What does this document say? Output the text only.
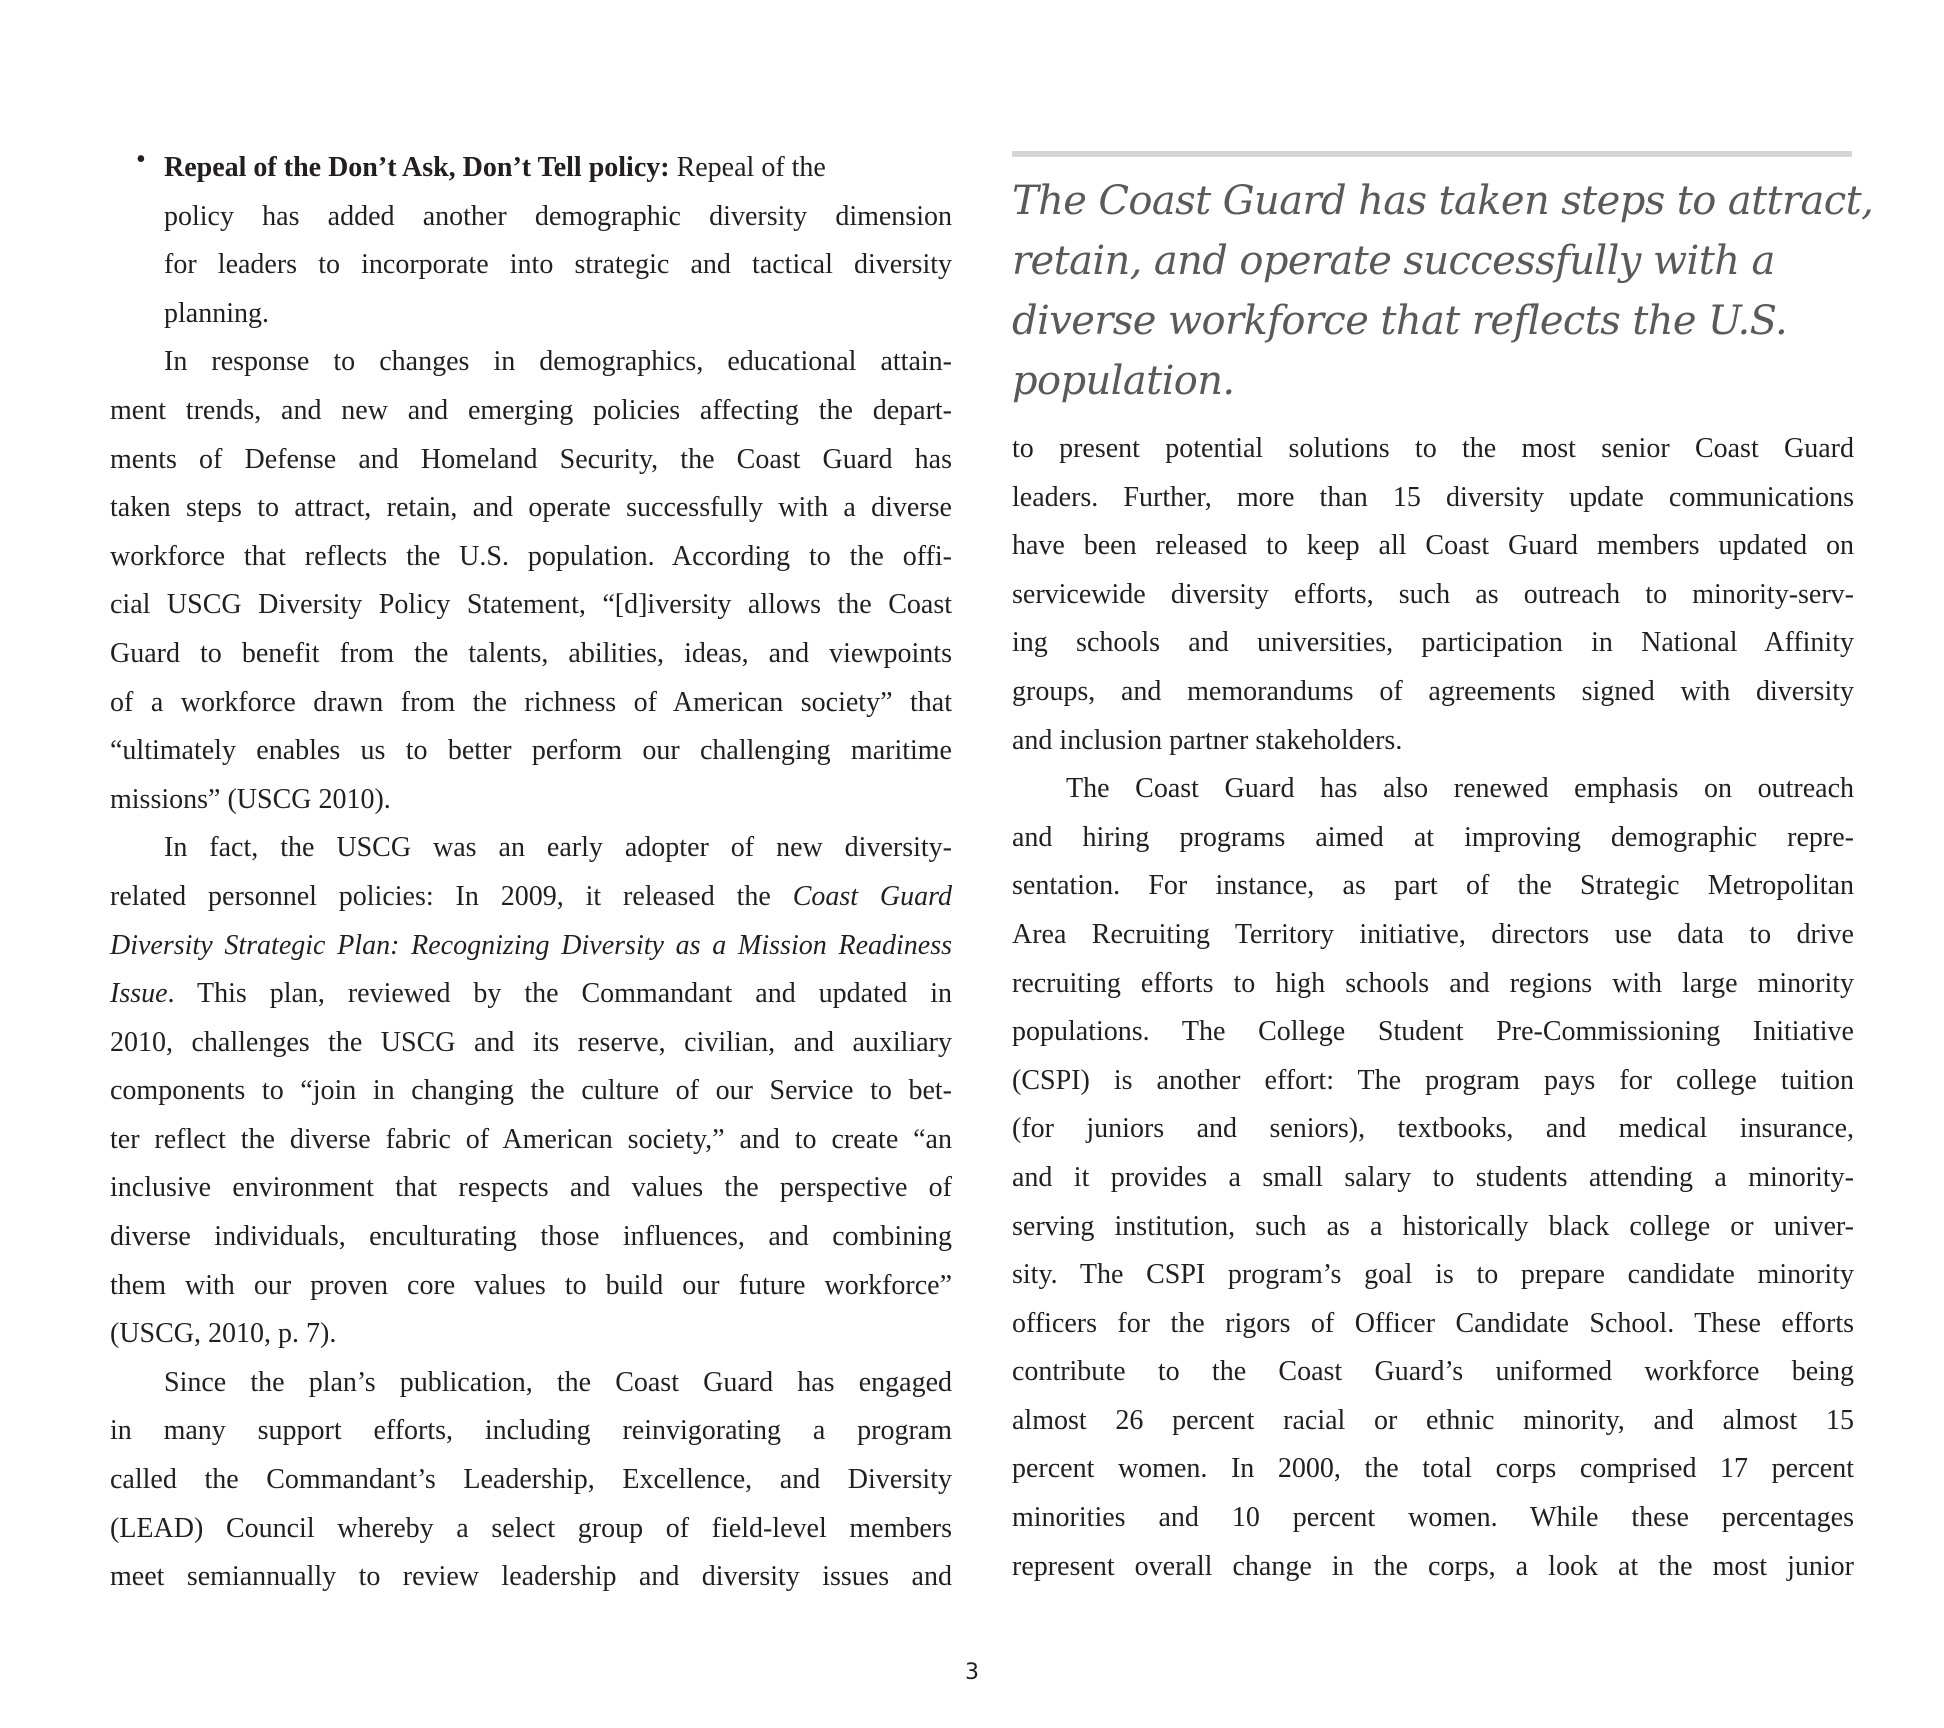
• Repeal of the Don’t Ask, Don’t Tell policy: Repeal of the
policy has added another demographic diversity dimension
for leaders to incorporate into strategic and tactical diversity
planning.
In response to changes in demographics, educational attain-
ment trends, and new and emerging policies affecting the depart-
ments of Defense and Homeland Security, the Coast Guard has
taken steps to attract, retain, and operate successfully with a diverse
workforce that reflects the U.S. population. According to the offi-
cial USCG Diversity Policy Statement, “[d]iversity allows the Coast
Guard to benefit from the talents, abilities, ideas, and viewpoints
of a workforce drawn from the richness of American society” that
“ultimately enables us to better perform our challenging maritime
missions” (USCG 2010).
In fact, the USCG was an early adopter of new diversity-
related personnel policies: In 2009, it released the Coast Guard
Diversity Strategic Plan: Recognizing Diversity as a Mission Readiness
Issue. This plan, reviewed by the Commandant and updated in
2010, challenges the USCG and its reserve, civilian, and auxiliary
components to “join in changing the culture of our Service to bet-
ter reflect the diverse fabric of American society,” and to create “an
inclusive environment that respects and values the perspective of
diverse individuals, enculturating those influences, and combining
them with our proven core values to build our future workforce”
(USCG, 2010, p. 7).
Since the plan’s publication, the Coast Guard has engaged
in many support efforts, including reinvigorating a program
called the Commandant’s Leadership, Excellence, and Diversity
(LEAD) Council whereby a select group of field-level members
meet semiannually to review leadership and diversity issues and
The Coast Guard has taken steps to attract,
retain, and operate successfully with a
diverse workforce that reflects the U.S.
population.
to present potential solutions to the most senior Coast Guard
leaders. Further, more than 15 diversity update communications
have been released to keep all Coast Guard members updated on
servicewide diversity efforts, such as outreach to minority-serv-
ing schools and universities, participation in National Affinity
groups, and memorandums of agreements signed with diversity
and inclusion partner stakeholders.
The Coast Guard has also renewed emphasis on outreach
and hiring programs aimed at improving demographic repre-
sentation. For instance, as part of the Strategic Metropolitan
Area Recruiting Territory initiative, directors use data to drive
recruiting efforts to high schools and regions with large minority
populations. The College Student Pre-Commissioning Initiative
(CSPI) is another effort: The program pays for college tuition
(for juniors and seniors), textbooks, and medical insurance,
and it provides a small salary to students attending a minority-
serving institution, such as a historically black college or univer-
sity. The CSPI program’s goal is to prepare candidate minority
officers for the rigors of Officer Candidate School. These efforts
contribute to the Coast Guard’s uniformed workforce being
almost 26 percent racial or ethnic minority, and almost 15
percent women. In 2000, the total corps comprised 17 percent
minorities and 10 percent women. While these percentages
represent overall change in the corps, a look at the most junior
3
